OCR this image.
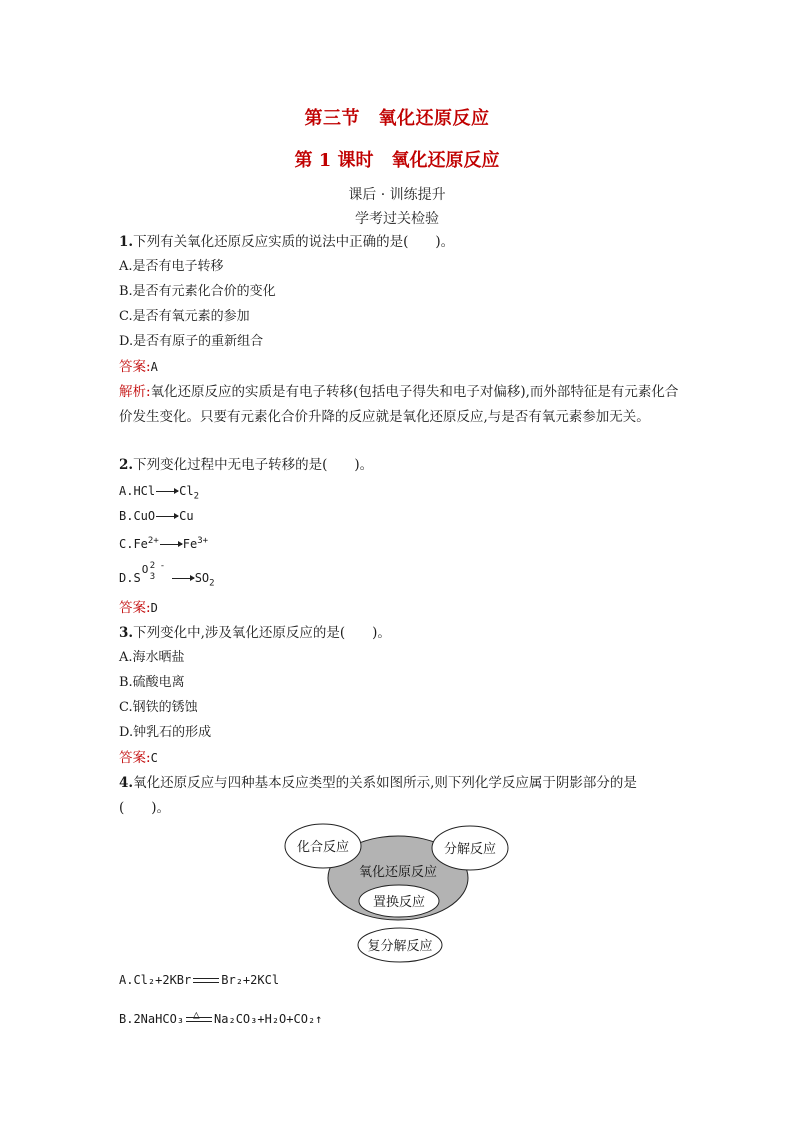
第三节　氧化还原反应
第 1 课时　氧化还原反应
课后 · 训练提升
学考过关检验
1.下列有关氧化还原反应实质的说法中正确的是(　　)。
A.是否有电子转移
B.是否有元素化合价的变化
C.是否有氧元素的参加
D.是否有原子的重新组合
答案:A
解析:氧化还原反应的实质是有电子转移(包括电子得失和电子对偏移),而外部特征是有元素化合价发生变化。只要有元素化合价升降的反应就是氧化还原反应,与是否有氧元素参加无关。
2.下列变化过程中无电子转移的是(　　)。
A.HCl $Cl_2$
B.CuO Cu
$C.Fe^{2+}$ $Fe^{3+}$
D.S
O 2
3
-
$SO_2$
答案:D
3.下列变化中,涉及氧化还原反应的是(　　)。
A.海水晒盐
B.硫酸电离
C.钢铁的锈蚀
D.钟乳石的形成
答案:C
4.氧化还原反应与四种基本反应类型的关系如图所示,则下列化学反应属于阴影部分的是
(　　)。
化合反应	分解反应
氧化还原反应
置换反应
复分解反应
A.Cl₂+2KBr	Br₂+2KCl
B.2NaHCO₃ △ Na₂CO₃+H₂O+CO₂↑
